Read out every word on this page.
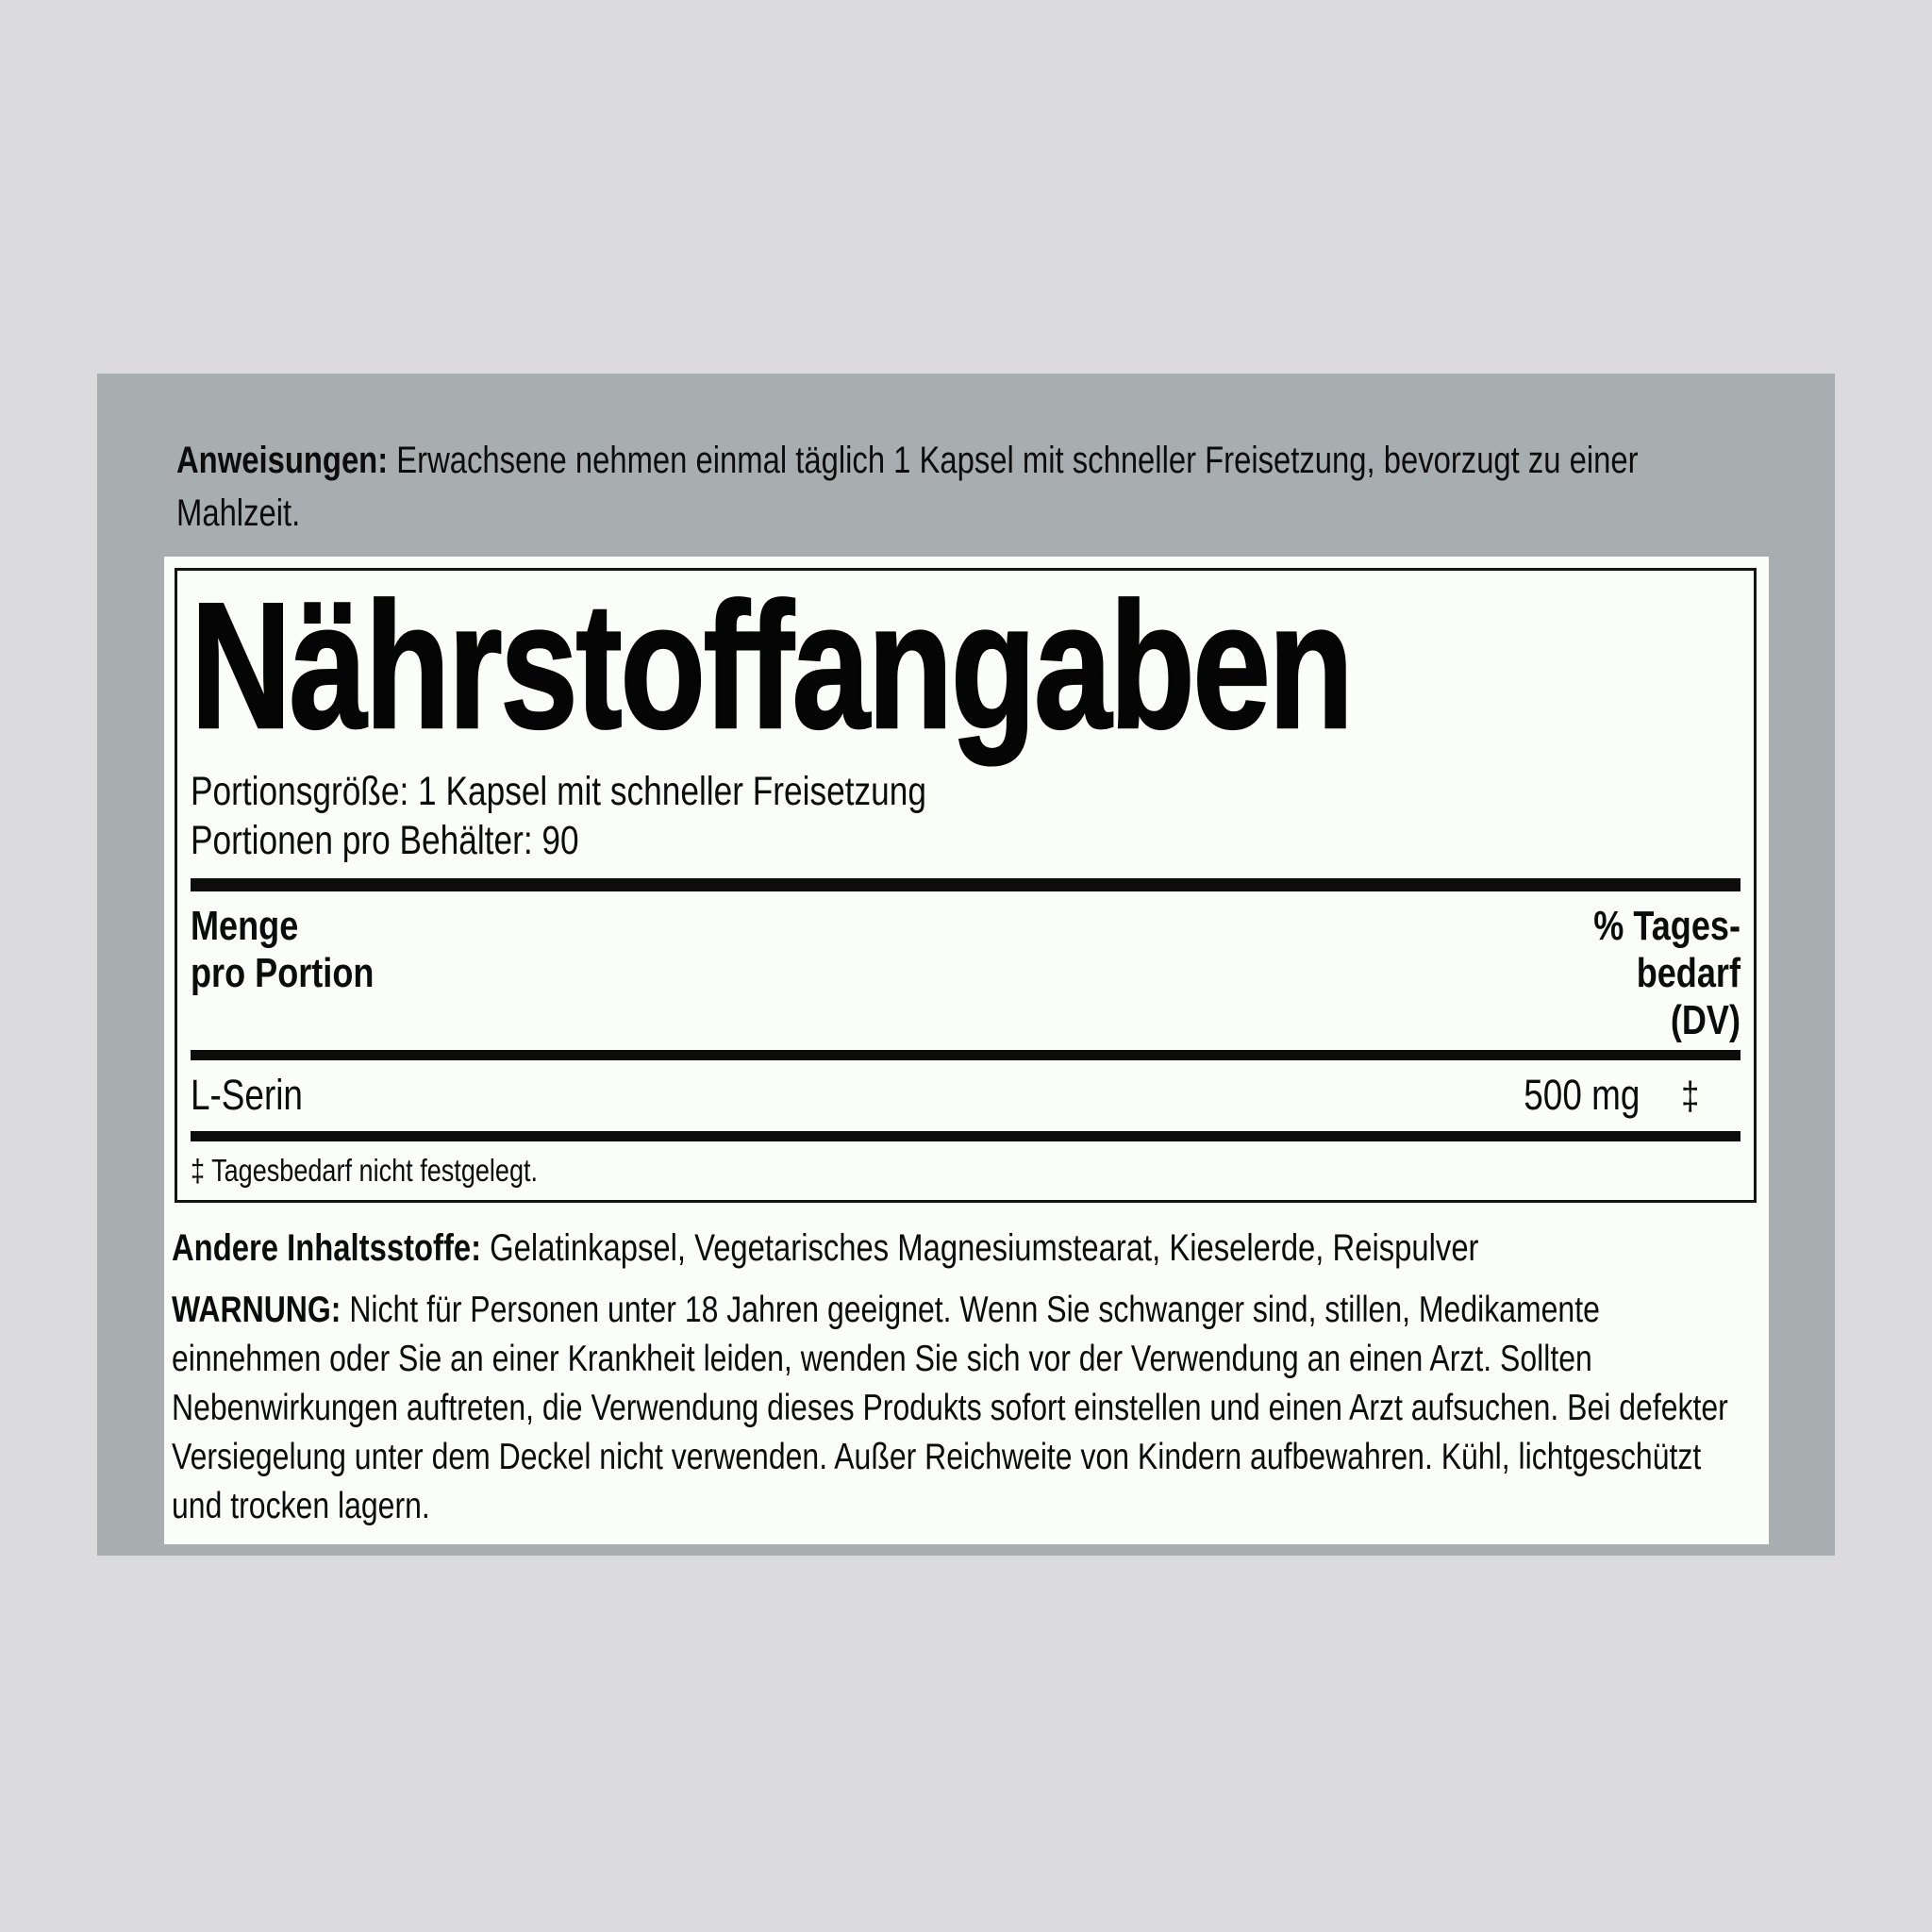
Anweisungen: Erwachsene nehmen einmal täglich 1 Kapsel mit schneller Freisetzung, bevorzugt zu einer Mahlzeit.

Nährstoffangaben

Portionsgröße: 1 Kapsel mit schneller Freisetzung

Portionen pro Behälter: 90

Menge
pro Portion
% Tages-
bedarf
(DV)
L-Serin	500 mg	‡

‡ Tagesbedarf nicht festgelegt.

Andere Inhaltsstoffe: Gelatinkapsel, Vegetarisches Magnesiumstearat, Kieselerde, Reispulver

WARNUNG: Nicht für Personen unter 18 Jahren geeignet. Wenn Sie schwanger sind, stillen, Medikamente einnehmen oder Sie an einer Krankheit leiden, wenden Sie sich vor der Verwendung an einen Arzt. Sollten Nebenwirkungen auftreten, die Verwendung dieses Produkts sofort einstellen und einen Arzt aufsuchen. Bei defekter Versiegelung unter dem Deckel nicht verwenden. Außer Reichweite von Kindern aufbewahren. Kühl, lichtgeschützt und trocken lagern.
